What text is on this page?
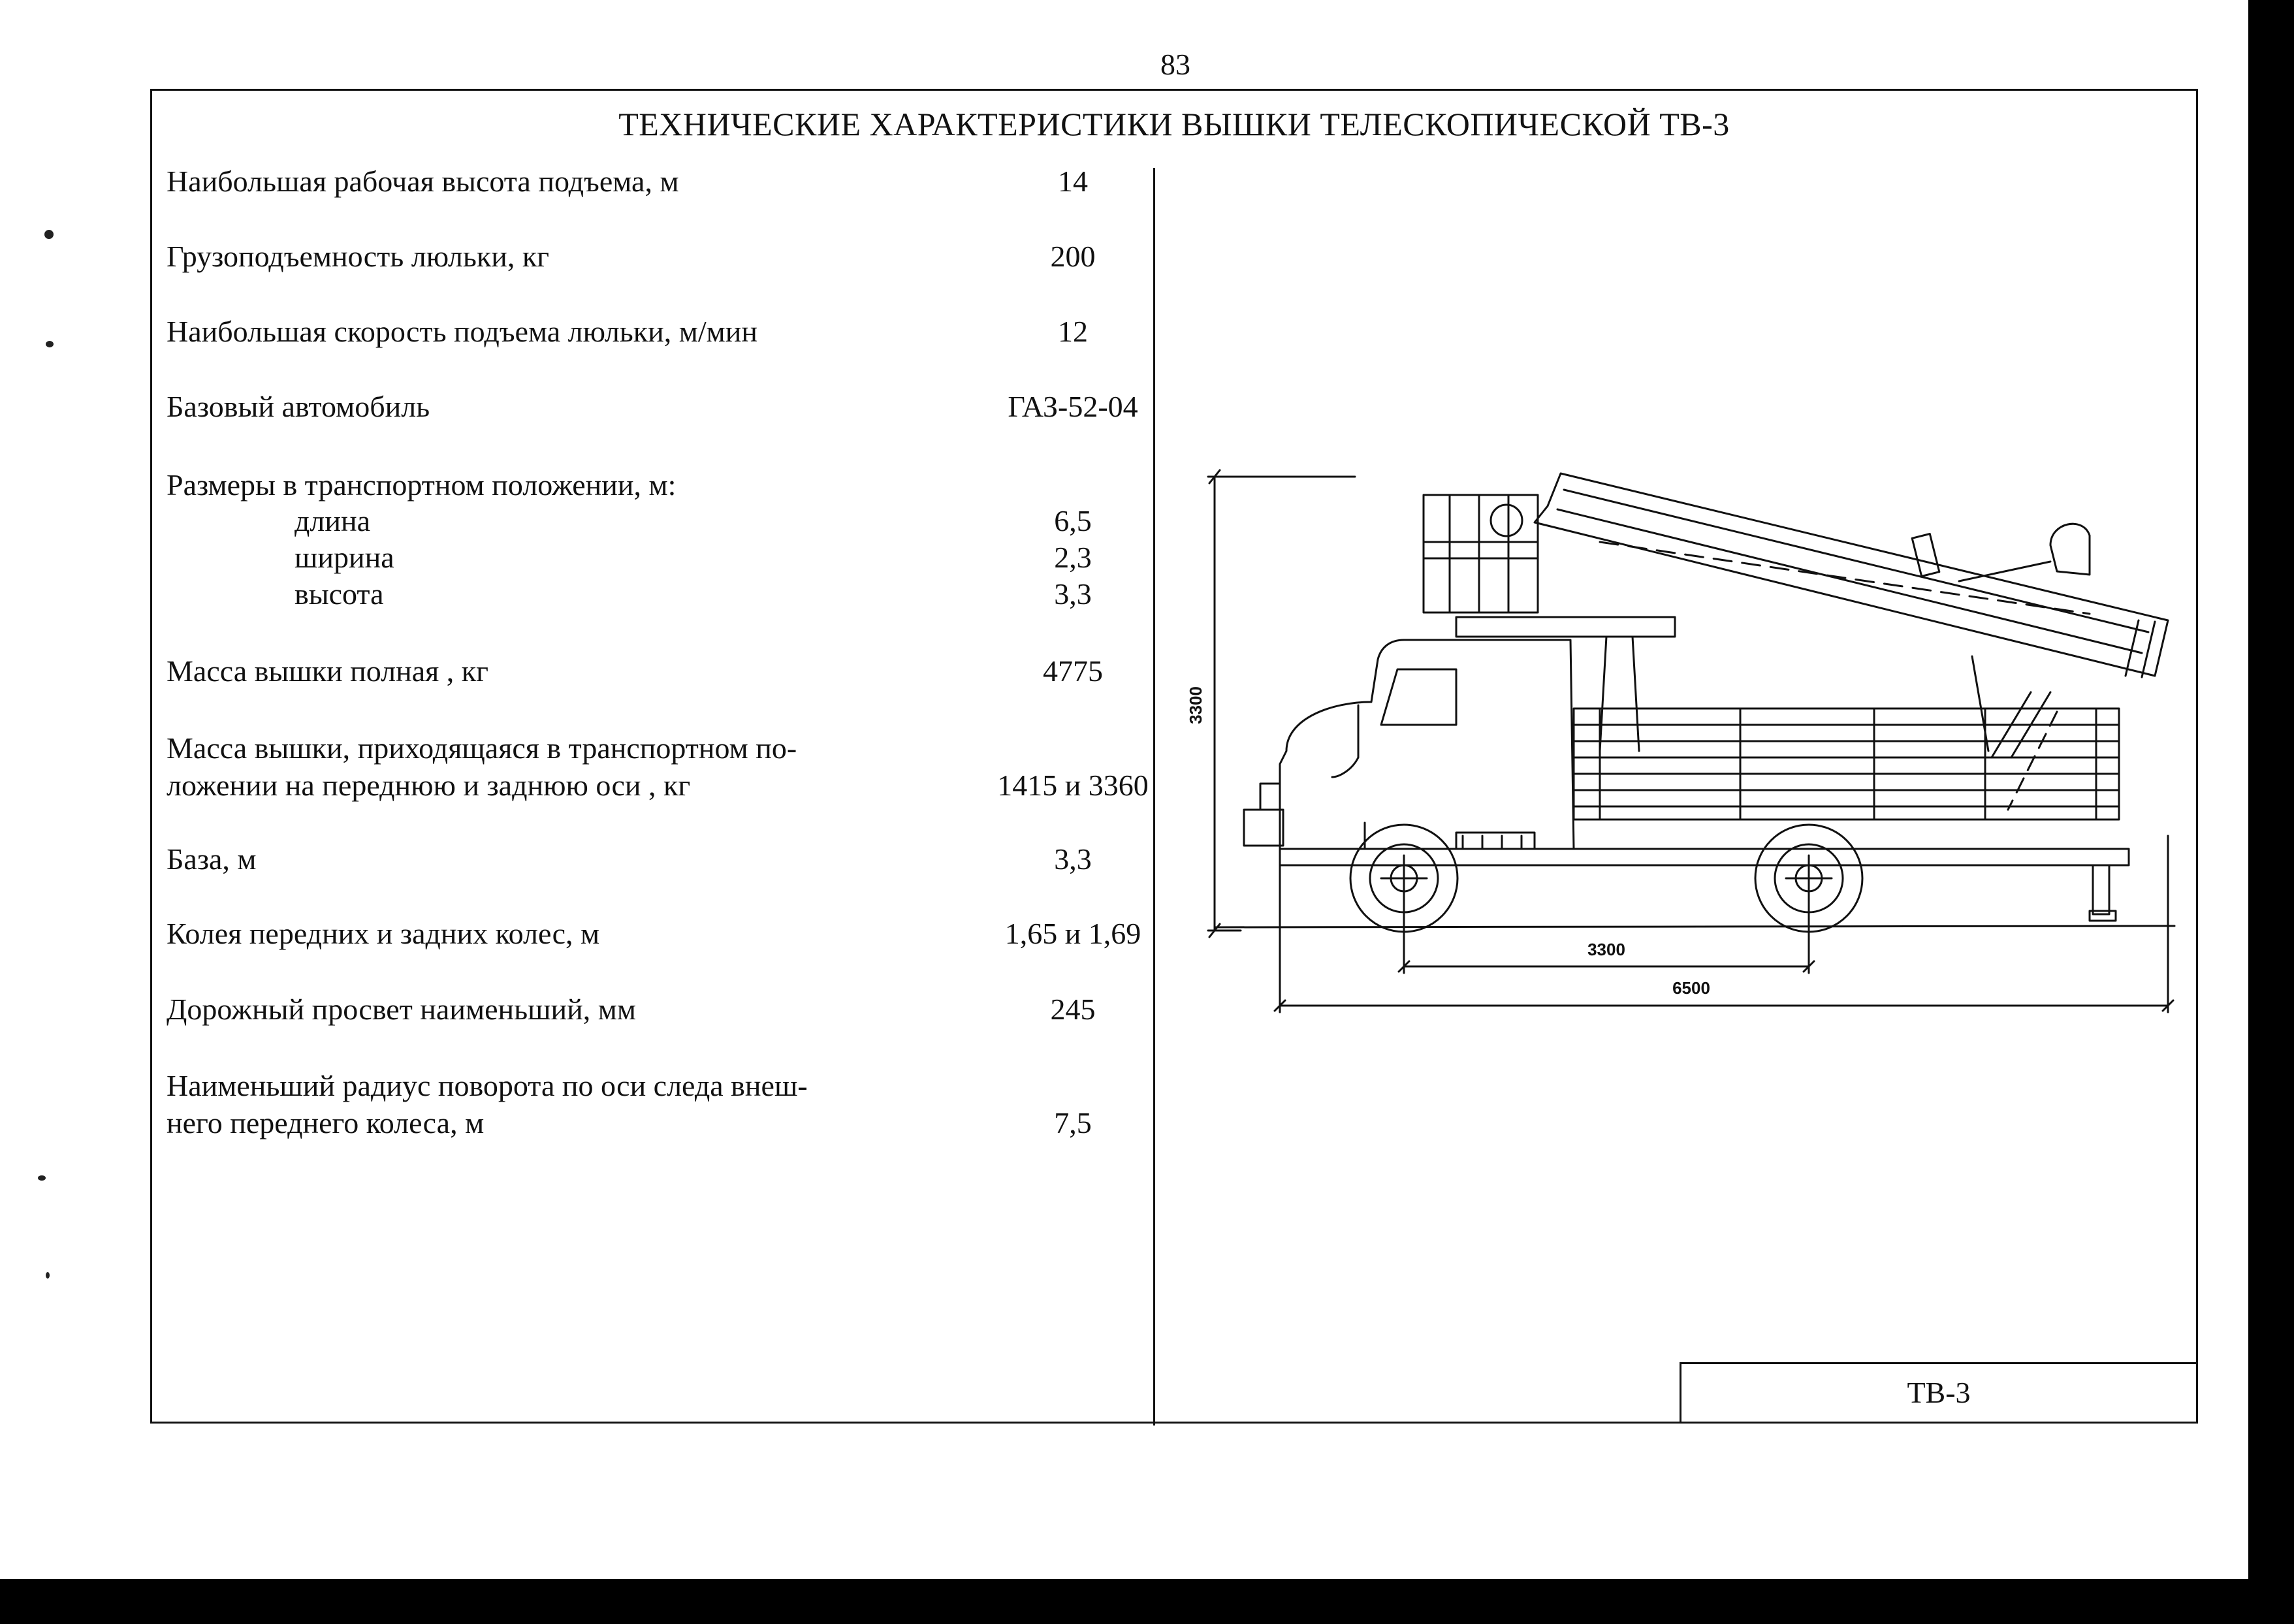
83
ТЕХНИЧЕСКИЕ ХАРАКТЕРИСТИКИ ВЫШКИ ТЕЛЕСКОПИЧЕСКОЙ ТВ-3
Наибольшая рабочая высота подъема, м	14
Грузоподъемность люльки, кг	200
Наибольшая скорость подъема люльки, м/мин	12
Базовый автомобиль	ГАЗ-52-04
Размеры в транспортном положении, м:
длина	6,5
ширина	2,3
высота	3,3
Масса вышки полная , кг	4775
Масса вышки, приходящаяся в транспортном по-
ложении на переднюю и заднюю оси , кг	1415 и 3360
База, м	3,3
Колея передних и задних колес, м	1,65 и 1,69
Дорожный просвет наименьший, мм	245
Наименьший радиус поворота по оси следа внеш-
него переднего колеса, м	7,5
ТВ-3
3300
3300
6500
